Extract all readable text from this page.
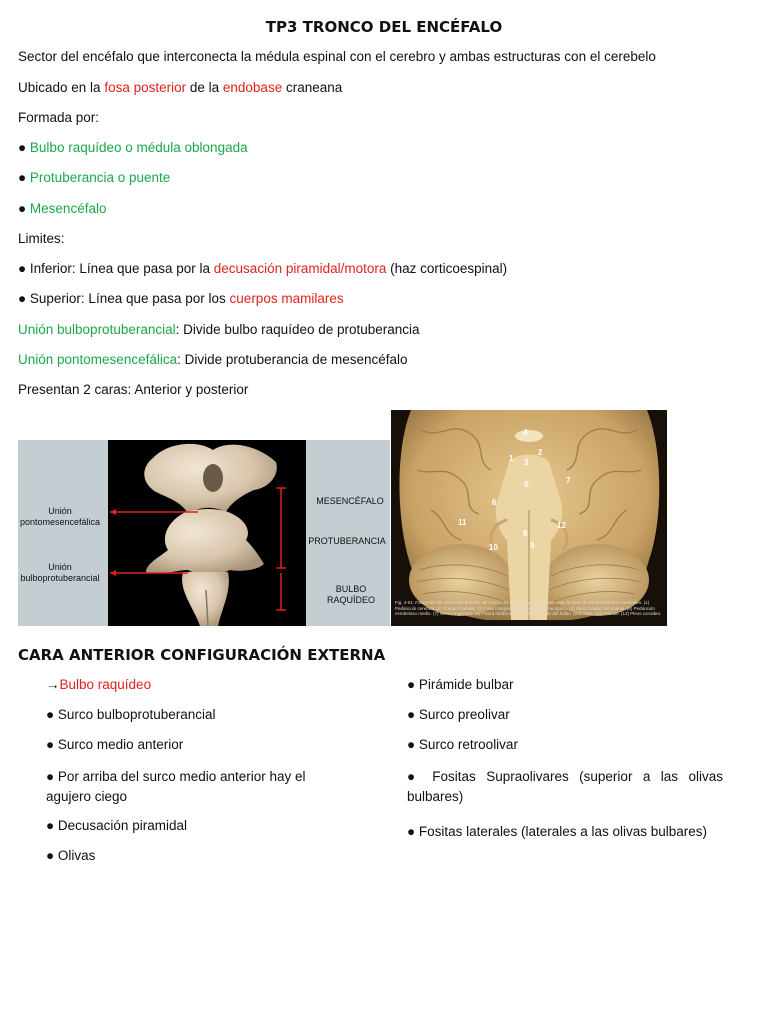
TP3 TRONCO DEL ENCÉFALO
Sector del encéfalo que interconecta la médula espinal con el cerebro y ambas estructuras con el cerebelo
Ubicado en la fosa posterior de la endobase craneana
Formada por:
● Bulbo raquídeo o médula oblongada
● Protuberancia o puente
● Mesencéfalo
Limites:
● Inferior: Línea que pasa por la decusación piramidal/motora (haz corticoespinal)
● Superior: Línea que pasa por los cuerpos mamilares
Unión bulboprotuberancial: Divide bulbo raquídeo de protuberancia
Unión pontomesencefálica: Divide protuberancia de mesencéfalo
Presentan 2 caras: Anterior y posterior
Unión pontomesencefálica
Unión bulboprotuberancial
MESENCÉFALO
PROTUBERANCIA
BULBO RAQUÍDEO
4
1
2
3
5
6
7
11	12
8
10	9
Fig. 4-01. Fotografía de una visión anterior del tronco del encéfalo y del cerebelo bajo la base de los hemisferios cerebrales. (1) Pedúnculo cerebral. (2) Cuerpo mamilar. (3) Fosa interpeduncular. (4) Quiasma óptico. (5) Surco basilar del puente. (6) Pedúnculo cerebeloso medio. (7) Nervio trigémino. (8) Fisura media anterior. (9) Pirámide del bulbo. (10) Oliva. (11) Flóculo. (12) Plexo coroideo.
CARA ANTERIOR CONFIGURACIÓN EXTERNA
→Bulbo raquídeo
● Surco bulboprotuberancial
● Surco medio anterior
● Por arriba del surco medio anterior hay el agujero ciego
● Decusación piramidal
● Olivas
● Pirámide bulbar
● Surco preolivar
● Surco retroolivar
● Fositas Supraolivares (superior a las olivas bulbares)
● Fositas laterales (laterales a las olivas bulbares)
